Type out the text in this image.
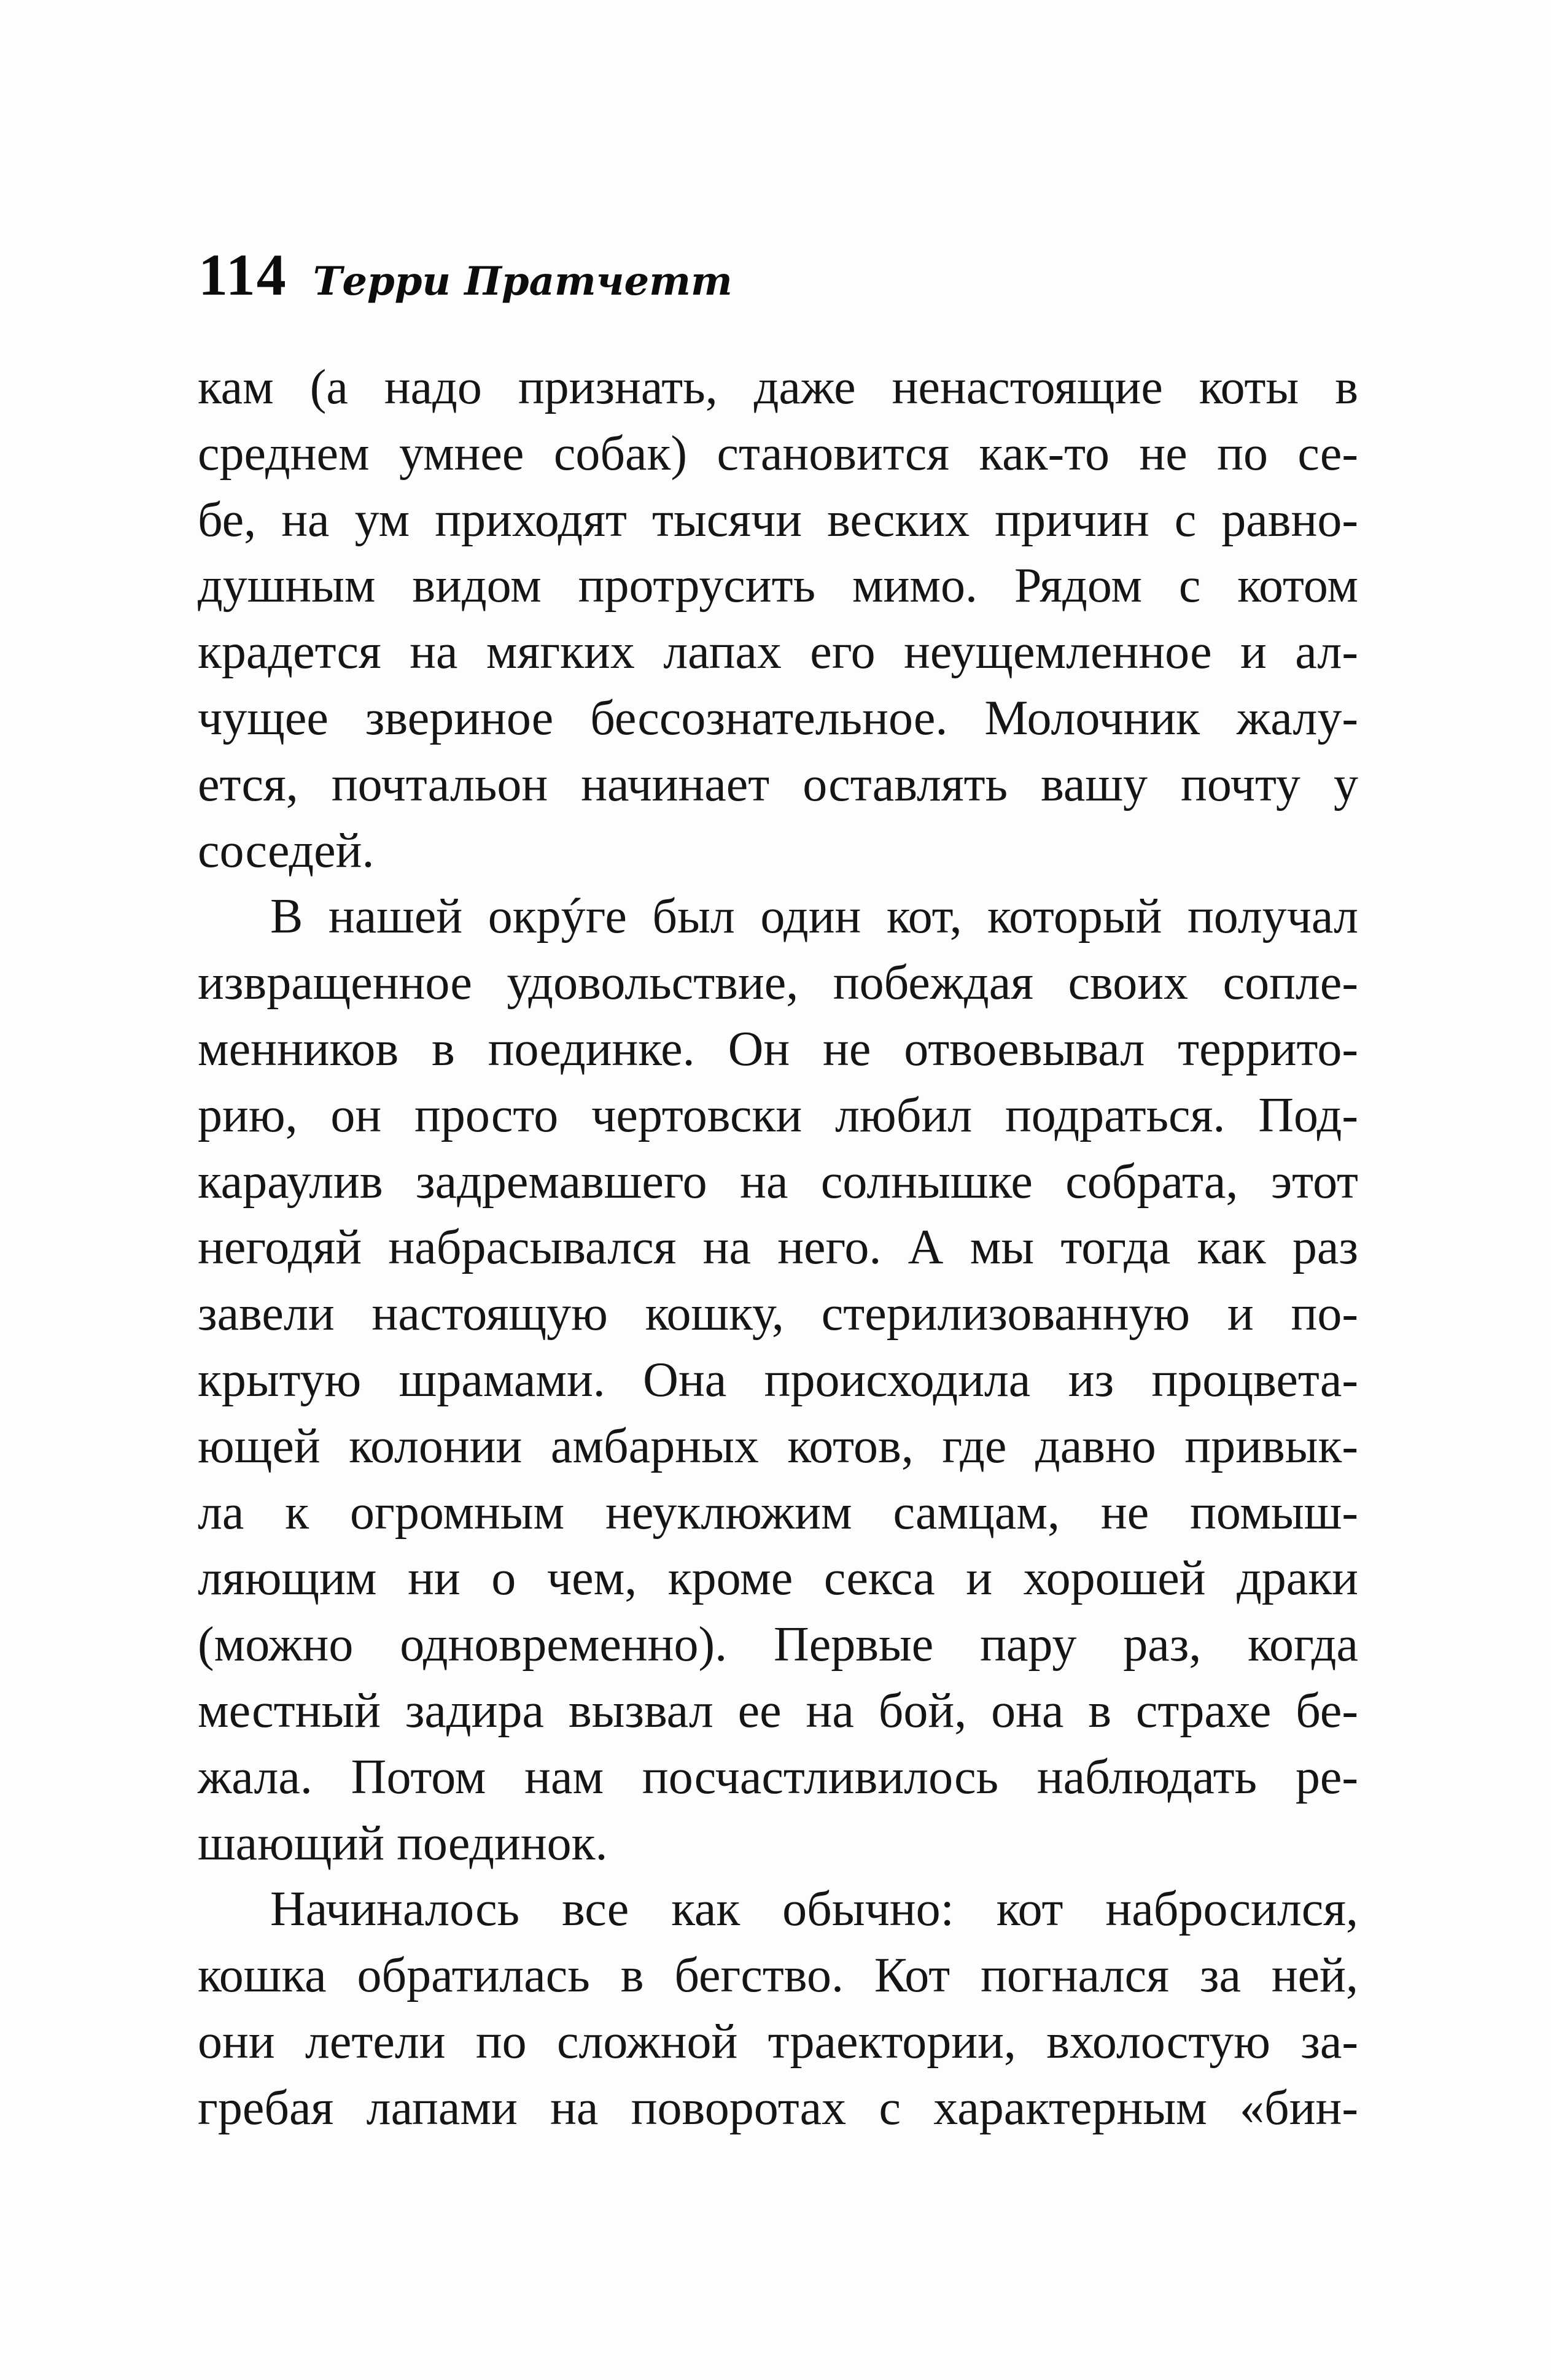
114 Терри Пратчетт
кам (а надо признать, даже ненастоящие коты в
среднем умнее собак) становится как-то не по се-
бе, на ум приходят тысячи веских причин с равно-
душным видом протрусить мимо. Рядом с котом
крадется на мягких лапах его неущемленное и ал-
чущее звериное бессознательное. Молочник жалу-
ется, почтальон начинает оставлять вашу почту у
соседей.
В нашей окрýге был один кот, который получал
извращенное удовольствие, побеждая своих сопле-
менников в поединке. Он не отвоевывал террито-
рию, он просто чертовски любил подраться. Под-
караулив задремавшего на солнышке собрата, этот
негодяй набрасывался на него. А мы тогда как раз
завели настоящую кошку, стерилизованную и по-
крытую шрамами. Она происходила из процвета-
ющей колонии амбарных котов, где давно привык-
ла к огромным неуклюжим самцам, не помыш-
ляющим ни о чем, кроме секса и хорошей драки
(можно одновременно). Первые пару раз, когда
местный задира вызвал ее на бой, она в страхе бе-
жала. Потом нам посчастливилось наблюдать ре-
шающий поединок.
Начиналось все как обычно: кот набросился,
кошка обратилась в бегство. Кот погнался за ней,
они летели по сложной траектории, вхолостую за-
гребая лапами на поворотах с характерным «бин-
